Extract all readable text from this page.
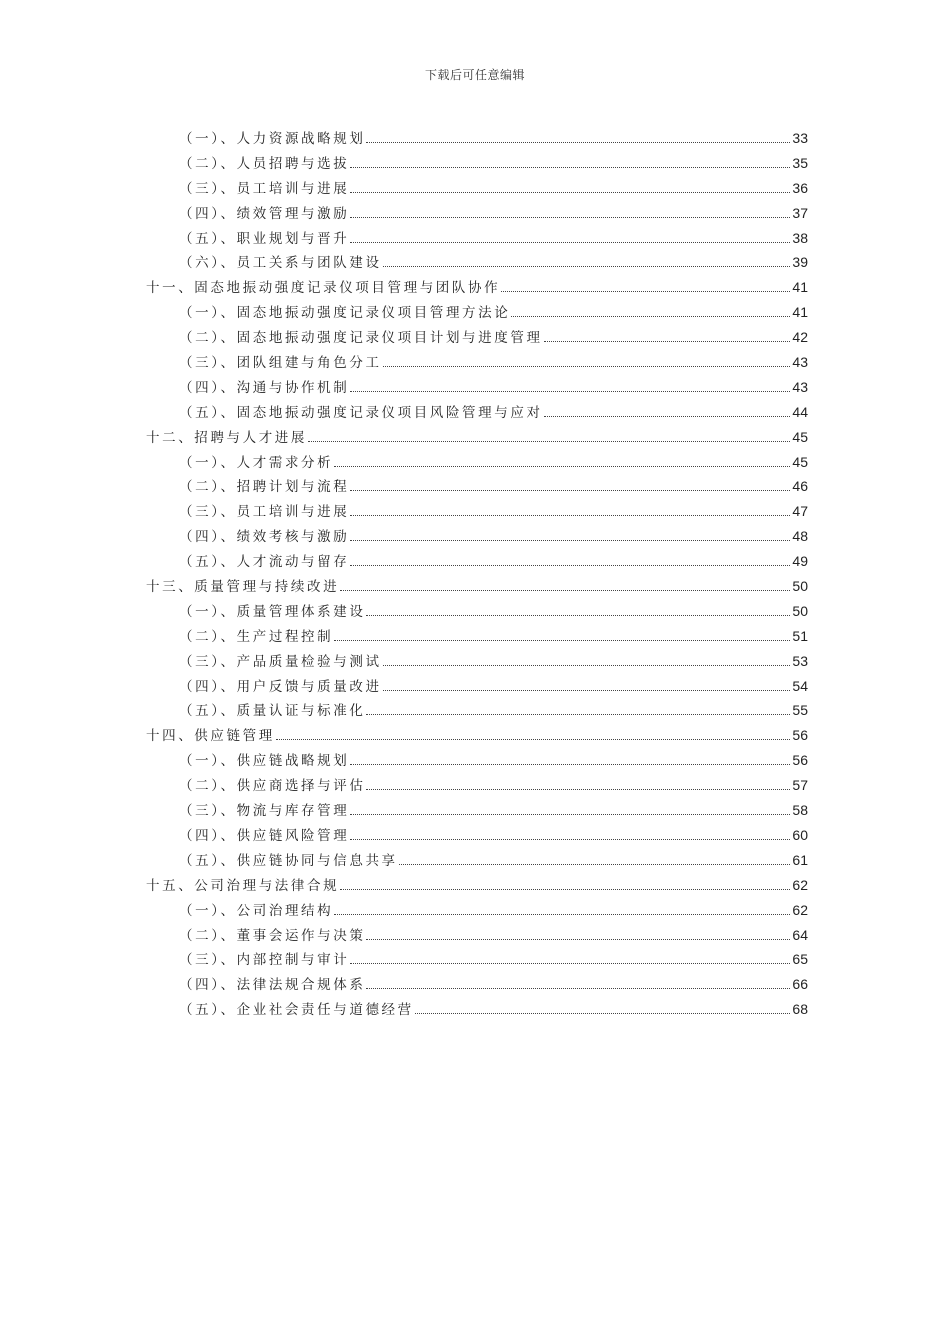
下载后可任意编辑
（一）、人力资源战略规划	33
（二）、人员招聘与选拔	35
（三）、员工培训与进展	36
（四）、绩效管理与激励	37
（五）、职业规划与晋升	38
（六）、员工关系与团队建设	39
十一、固态地振动强度记录仪项目管理与团队协作	41
（一）、固态地振动强度记录仪项目管理方法论	41
（二）、固态地振动强度记录仪项目计划与进度管理	42
（三）、团队组建与角色分工	43
（四）、沟通与协作机制	43
（五）、固态地振动强度记录仪项目风险管理与应对	44
十二、招聘与人才进展	45
（一）、人才需求分析	45
（二）、招聘计划与流程	46
（三）、员工培训与进展	47
（四）、绩效考核与激励	48
（五）、人才流动与留存	49
十三、质量管理与持续改进	50
（一）、质量管理体系建设	50
（二）、生产过程控制	51
（三）、产品质量检验与测试	53
（四）、用户反馈与质量改进	54
（五）、质量认证与标准化	55
十四、供应链管理	56
（一）、供应链战略规划	56
（二）、供应商选择与评估	57
（三）、物流与库存管理	58
（四）、供应链风险管理	60
（五）、供应链协同与信息共享	61
十五、公司治理与法律合规	62
（一）、公司治理结构	62
（二）、董事会运作与决策	64
（三）、内部控制与审计	65
（四）、法律法规合规体系	66
（五）、企业社会责任与道德经营	68
